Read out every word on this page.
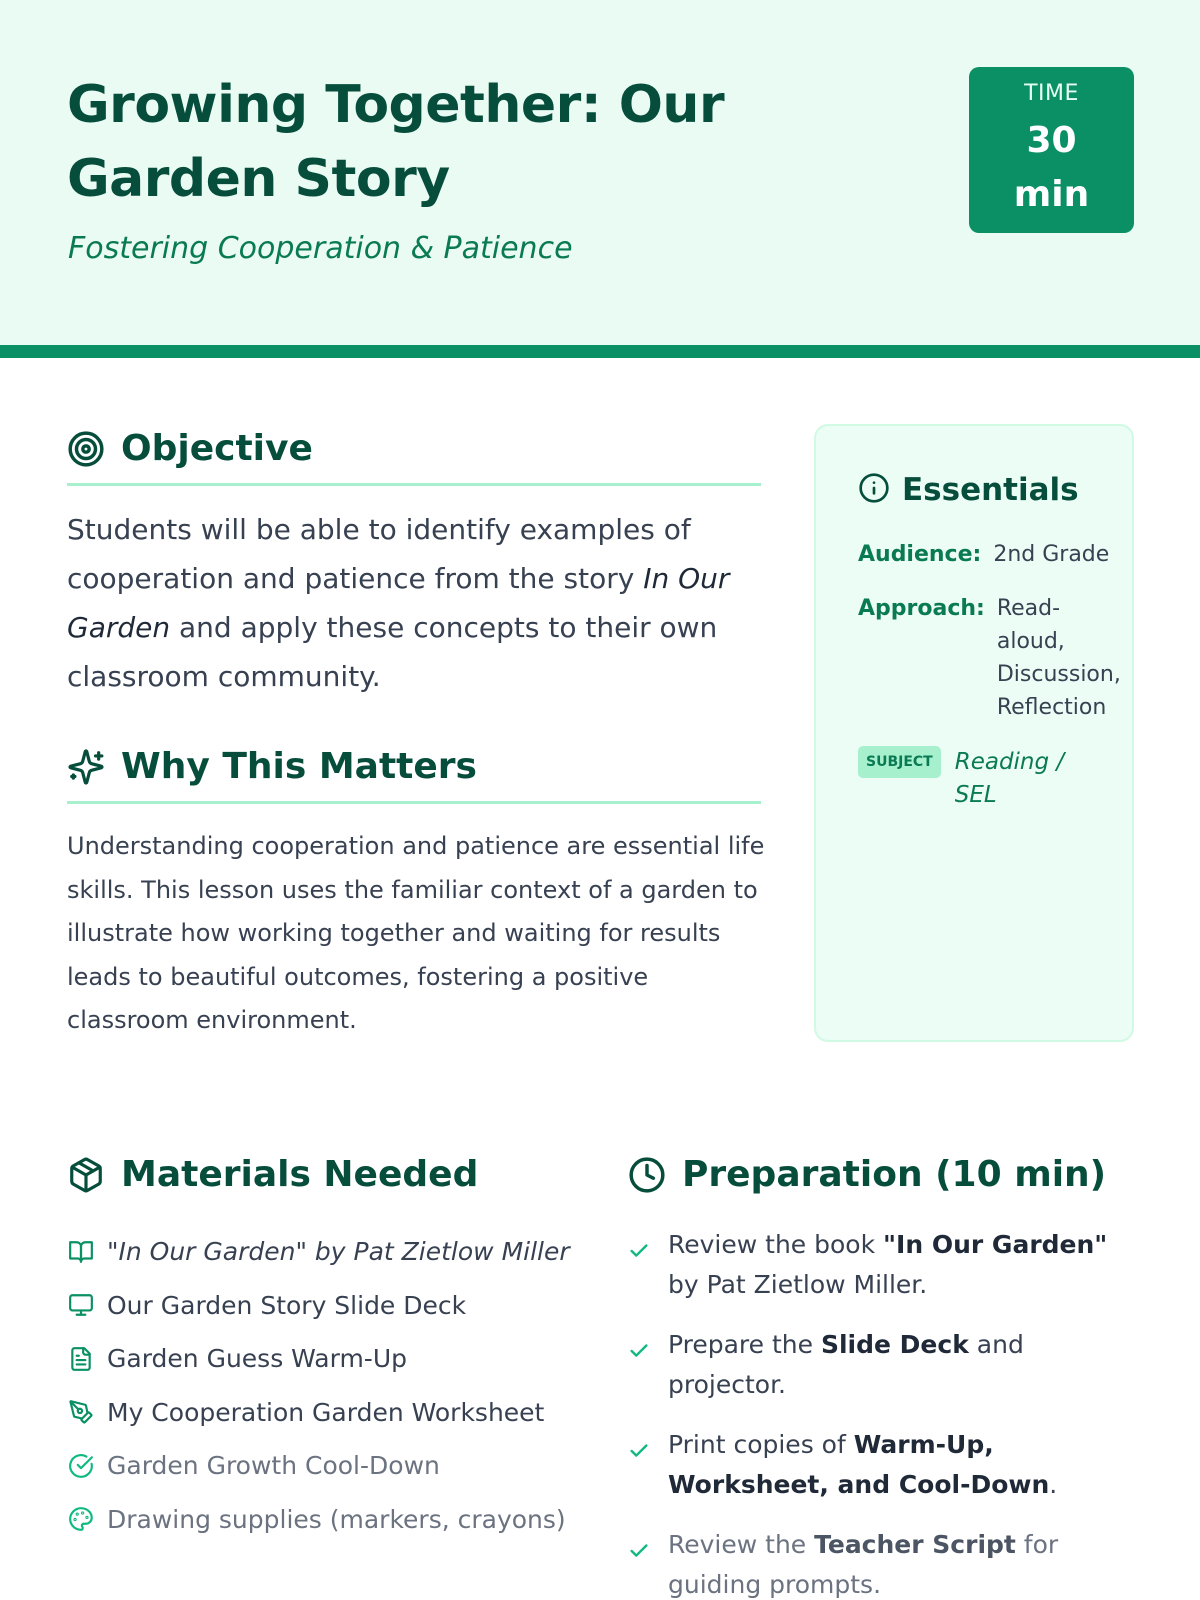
Growing Together: Our Garden Story
Fostering Cooperation & Patience
TIME
30 min
Objective

Students will be able to identify examples of cooperation and patience from the story In Our Garden and apply these concepts to their own classroom community.

Why This Matters

Understanding cooperation and patience are essential life skills. This lesson uses the familiar context of a garden to illustrate how working together and waiting for results leads to beautiful outcomes, fostering a positive classroom environment.

Essentials
Audience: 2nd Grade
Approach: Read-aloud, Discussion, Reflection
SUBJECT Reading / SEL
Materials Needed
"In Our Garden" by Pat Zietlow Miller
Our Garden Story Slide Deck
Garden Guess Warm-Up
My Cooperation Garden Worksheet
Garden Growth Cool-Down
Drawing supplies (markers, crayons)
Preparation (10 min)
Review the book "In Our Garden" by Pat Zietlow Miller.
Prepare the Slide Deck and projector.
Print copies of Warm-Up, Worksheet, and Cool-Down.
Review the Teacher Script for guiding prompts.
